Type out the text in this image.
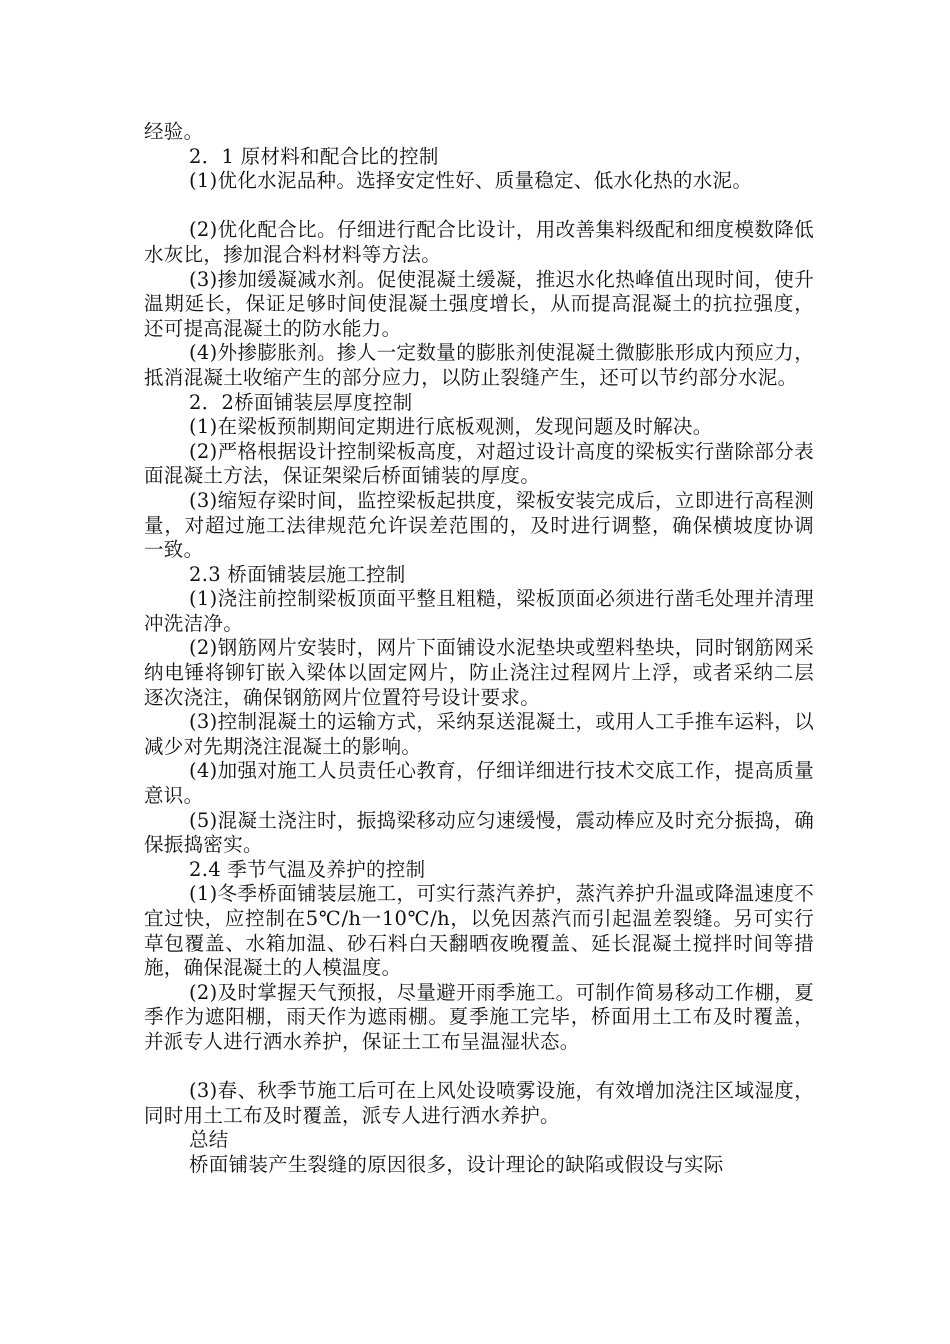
经验。

2．1 原材料和配合比的控制

(1)优化水泥品种。选择安定性好、质量稳定、低水化热的水泥。

(2)优化配合比。仔细进行配合比设计，用改善集料级配和细度模数降低水灰比，掺加混合料材料等方法。

(3)掺加缓凝减水剂。促使混凝土缓凝，推迟水化热峰值出现时间，使升温期延长，保证足够时间使混凝土强度增长，从而提高混凝土的抗拉强度，还可提高混凝土的防水能力。

(4)外掺膨胀剂。掺人一定数量的膨胀剂使混凝土微膨胀形成内预应力，抵消混凝土收缩产生的部分应力，以防止裂缝产生，还可以节约部分水泥。

2．2桥面铺装层厚度控制

(1)在梁板预制期间定期进行底板观测，发现问题及时解决。

(2)严格根据设计控制梁板高度，对超过设计高度的梁板实行凿除部分表面混凝土方法，保证架梁后桥面铺装的厚度。

(3)缩短存梁时间，监控梁板起拱度，梁板安装完成后，立即进行高程测量，对超过施工法律规范允许误差范围的，及时进行调整，确保横坡度协调一致。

2.3 桥面铺装层施工控制

(1)浇注前控制梁板顶面平整且粗糙，梁板顶面必须进行凿毛处理并清理冲洗洁净。

(2)钢筋网片安装时，网片下面铺设水泥垫块或塑料垫块，同时钢筋网采纳电锤将铆钉嵌入梁体以固定网片，防止浇注过程网片上浮，或者采纳二层逐次浇注，确保钢筋网片位置符号设计要求。

(3)控制混凝土的运输方式，采纳泵送混凝土，或用人工手推车运料，以减少对先期浇注混凝土的影响。

(4)加强对施工人员责任心教育，仔细详细进行技术交底工作，提高质量意识。

(5)混凝土浇注时，振捣梁移动应匀速缓慢，震动棒应及时充分振捣，确保振捣密实。

2.4 季节气温及养护的控制

(1)冬季桥面铺装层施工，可实行蒸汽养护，蒸汽养护升温或降温速度不宜过快，应控制在5℃/h一10℃/h，以免因蒸汽而引起温差裂缝。另可实行草包覆盖、水箱加温、砂石料白天翻晒夜晚覆盖、延长混凝土搅拌时间等措施，确保混凝土的人模温度。

(2)及时掌握天气预报，尽量避开雨季施工。可制作简易移动工作棚，夏季作为遮阳棚，雨天作为遮雨棚。夏季施工完毕，桥面用土工布及时覆盖，并派专人进行洒水养护，保证土工布呈温湿状态。

(3)春、秋季节施工后可在上风处设喷雾设施，有效增加浇注区域湿度，同时用土工布及时覆盖，派专人进行洒水养护。

总结

桥面铺装产生裂缝的原因很多，设计理论的缺陷或假设与实际
